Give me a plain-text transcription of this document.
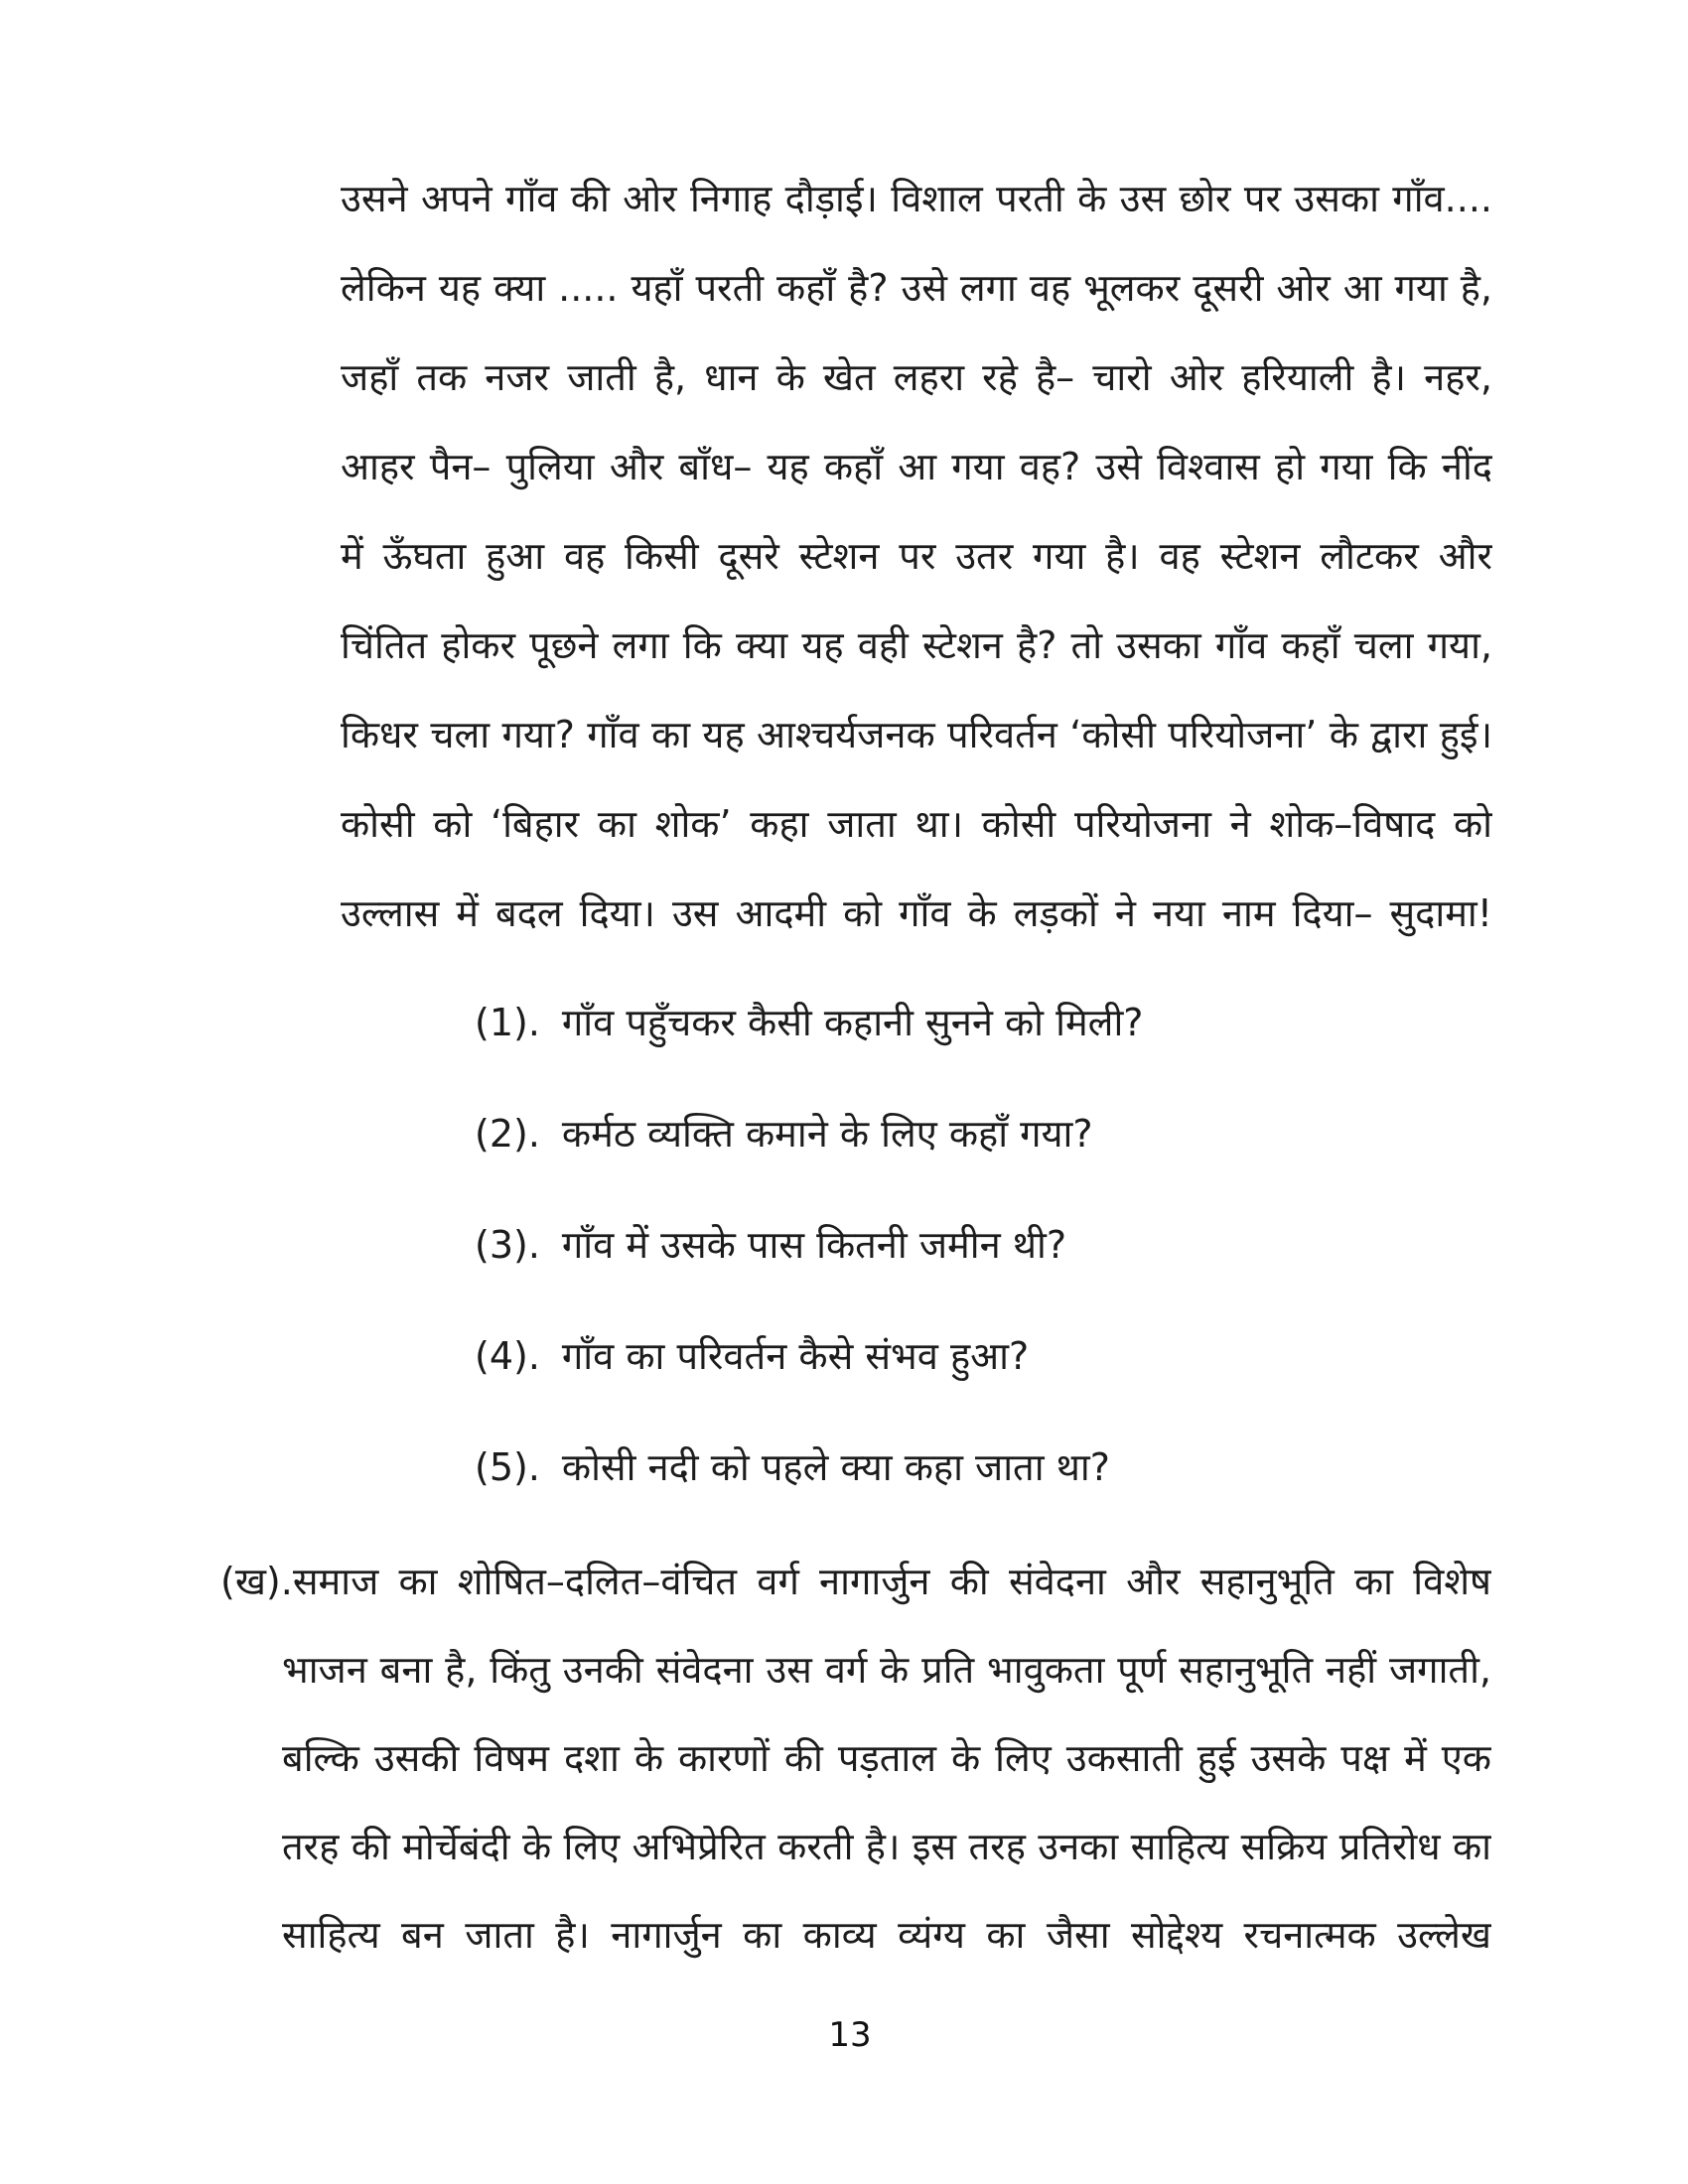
उसने अपने गाँव की ओर निगाह दौड़ाई। विशाल परती के उस छोर पर उसका गाँव....
लेकिन यह क्या ..... यहाँ परती कहाँ है? उसे लगा वह भूलकर दूसरी ओर आ गया है,
जहाँ तक नजर जाती है, धान के खेत लहरा रहे है– चारो ओर हरियाली है। नहर,
आहर पैन– पुलिया और बाँध– यह कहाँ आ गया वह? उसे विश्वास हो गया कि नींद
में ऊँघता हुआ वह किसी दूसरे स्टेशन पर उतर गया है। वह स्टेशन लौटकर और
चिंतित होकर पूछने लगा कि क्या यह वही स्टेशन है? तो उसका गाँव कहाँ चला गया,
किधर चला गया? गाँव का यह आश्चर्यजनक परिवर्तन ‘कोसी परियोजना’ के द्वारा हुई।
कोसी को ‘बिहार का शोक’ कहा जाता था। कोसी परियोजना ने शोक–विषाद को
उल्लास में बदल दिया। उस आदमी को गाँव के लड़कों ने नया नाम दिया– सुदामा!
(1). गाँव पहुँचकर कैसी कहानी सुनने को मिली?
(2). कर्मठ व्यक्ति कमाने के लिए कहाँ गया?
(3). गाँव में उसके पास कितनी जमीन थी?
(4). गाँव का परिवर्तन कैसे संभव हुआ?
(5). कोसी नदी को पहले क्या कहा जाता था?
(ख). समाज का शोषित–दलित–वंचित वर्ग नागार्जुन की संवेदना और सहानुभूति का विशेष
भाजन बना है, किंतु उनकी संवेदना उस वर्ग के प्रति भावुकता पूर्ण सहानुभूति नहीं जगाती,
बल्कि उसकी विषम दशा के कारणों की पड़ताल के लिए उकसाती हुई उसके पक्ष में एक
तरह की मोर्चेबंदी के लिए अभिप्रेरित करती है। इस तरह उनका साहित्य सक्रिय प्रतिरोध का
साहित्य बन जाता है। नागार्जुन का काव्य व्यंग्य का जैसा सोद्देश्य रचनात्मक उल्लेख
13
